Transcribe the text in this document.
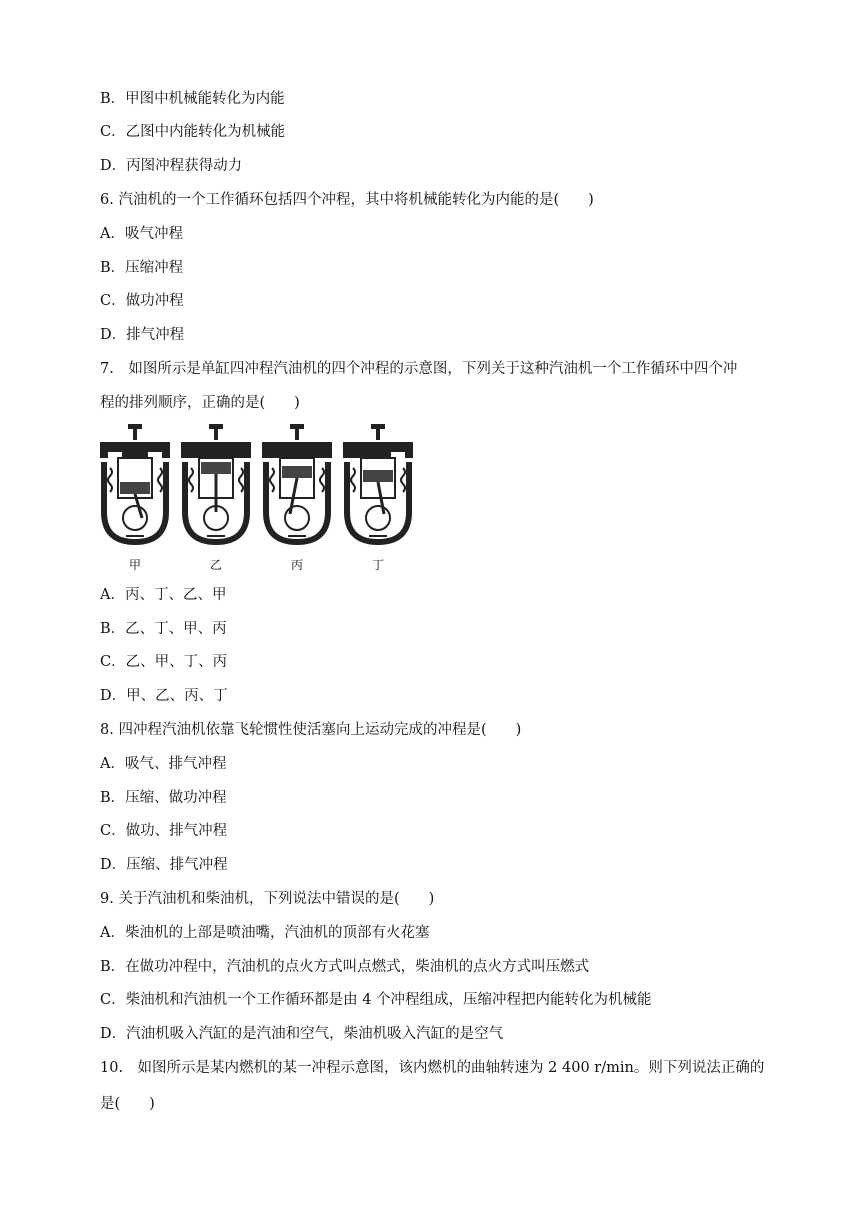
B．甲图中机械能转化为内能
C．乙图中内能转化为机械能
D．丙图冲程获得动力
6. 汽油机的一个工作循环包括四个冲程，其中将机械能转化为内能的是(　　)
A．吸气冲程
B．压缩冲程
C．做功冲程
D．排气冲程
7.　如图所示是单缸四冲程汽油机的四个冲程的示意图，下列关于这种汽油机一个工作循环中四个冲
程的排列顺序，正确的是(　　)
甲	乙	丙	丁
A．丙、丁、乙、甲
B．乙、丁、甲、丙
C．乙、甲、丁、丙
D．甲、乙、丙、丁
8. 四冲程汽油机依靠飞轮惯性使活塞向上运动完成的冲程是(　　)
A．吸气、排气冲程
B．压缩、做功冲程
C．做功、排气冲程
D．压缩、排气冲程
9. 关于汽油机和柴油机，下列说法中错误的是(　　)
A．柴油机的上部是喷油嘴，汽油机的顶部有火花塞
B．在做功冲程中，汽油机的点火方式叫点燃式，柴油机的点火方式叫压燃式
C．柴油机和汽油机一个工作循环都是由 4 个冲程组成，压缩冲程把内能转化为机械能
D．汽油机吸入汽缸的是汽油和空气，柴油机吸入汽缸的是空气
10.　如图所示是某内燃机的某一冲程示意图，该内燃机的曲轴转速为 2 400 r/min。则下列说法正确的
是(　　)
